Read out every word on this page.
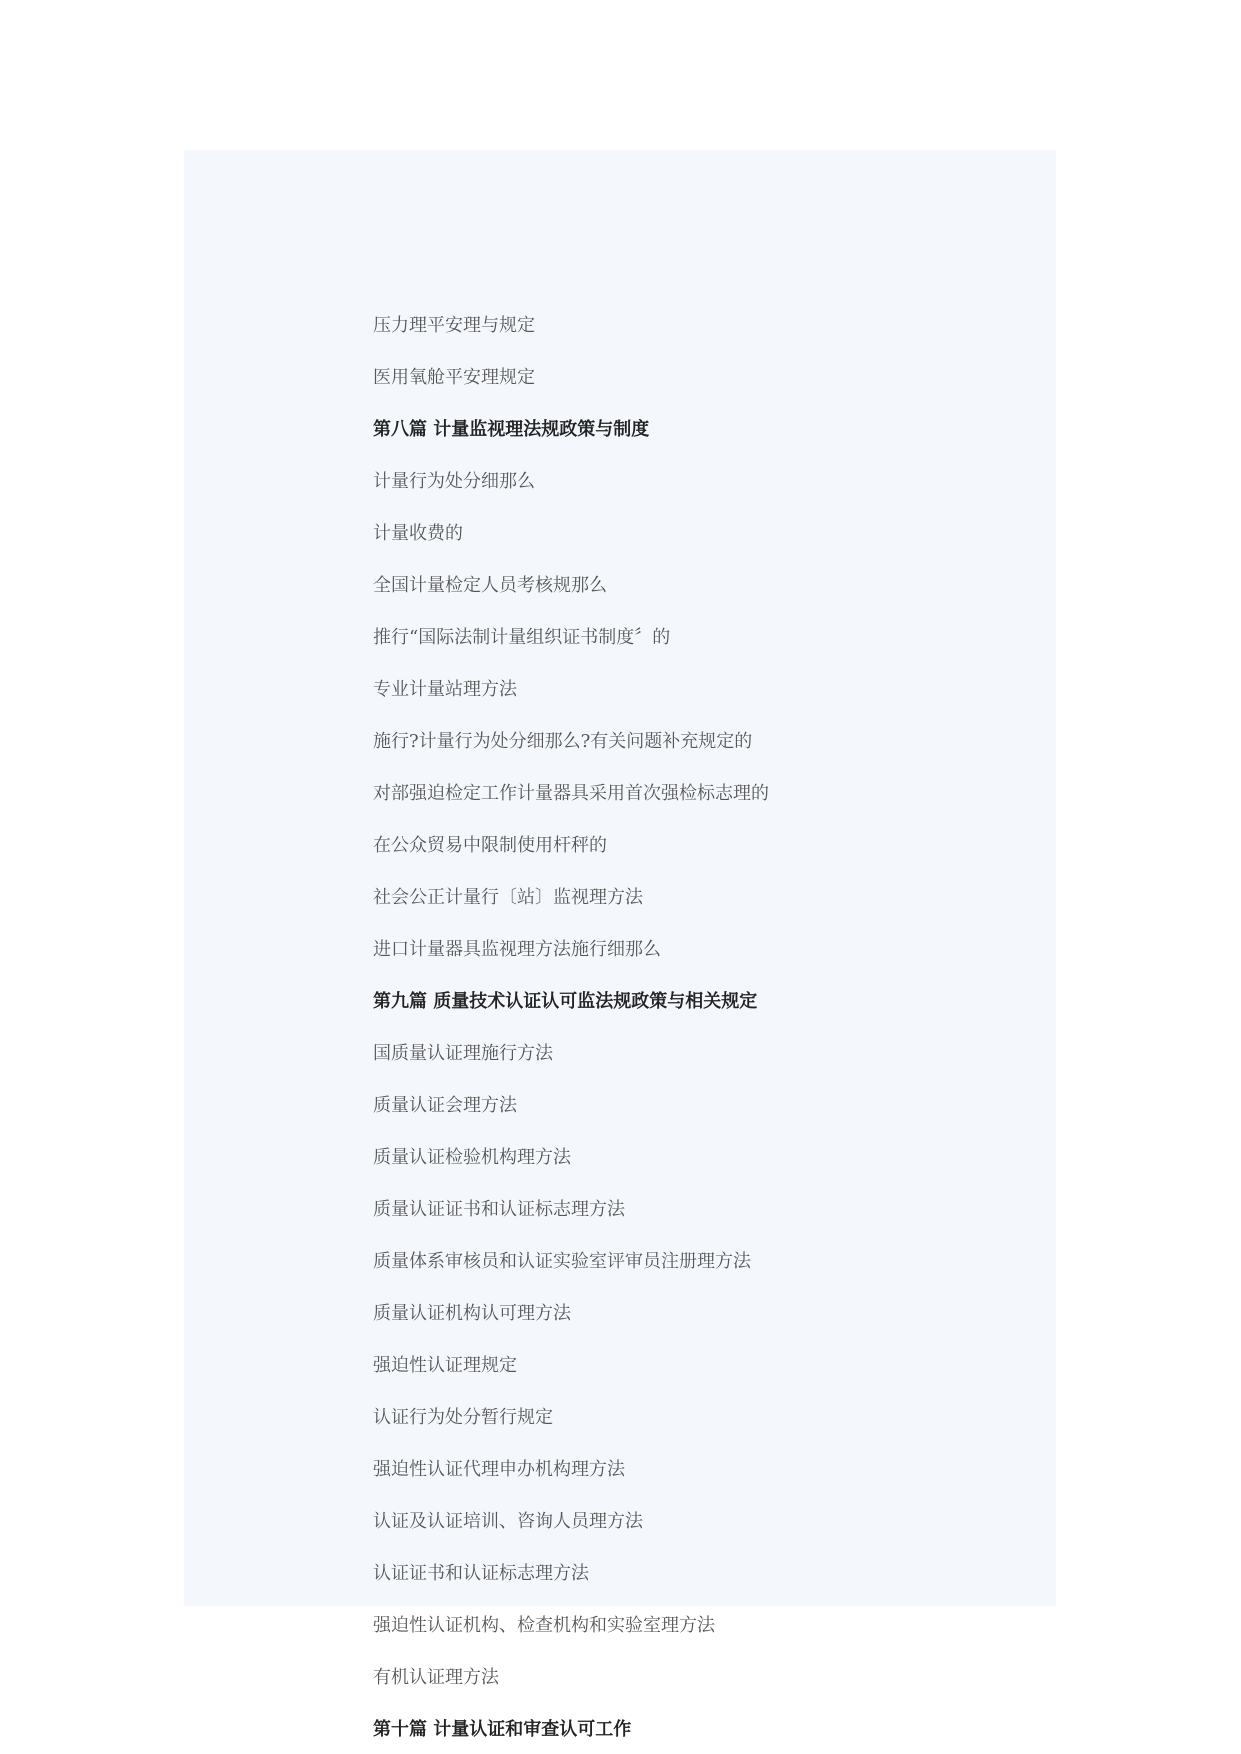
压力理平安理与规定
医用氧舱平安理规定
第八篇 计量监视理法规政策与制度
计量行为处分细那么
计量收费的
全国计量检定人员考核规那么
推行“国际法制计量组织证书制度〞的
专业计量站理方法
施行?计量行为处分细那么?有关问题补充规定的
对部强迫检定工作计量器具采用首次强检标志理的
在公众贸易中限制使用杆秤的
社会公正计量行〔站〕监视理方法
进口计量器具监视理方法施行细那么
第九篇 质量技术认证认可监法规政策与相关规定
国质量认证理施行方法
质量认证会理方法
质量认证检验机构理方法
质量认证证书和认证标志理方法
质量体系审核员和认证实验室评审员注册理方法
质量认证机构认可理方法
强迫性认证理规定
认证行为处分暂行规定
强迫性认证代理申办机构理方法
认证及认证培训、咨询人员理方法
认证证书和认证标志理方法
强迫性认证机构、检查机构和实验室理方法
有机认证理方法
第十篇 计量认证和审查认可工作
